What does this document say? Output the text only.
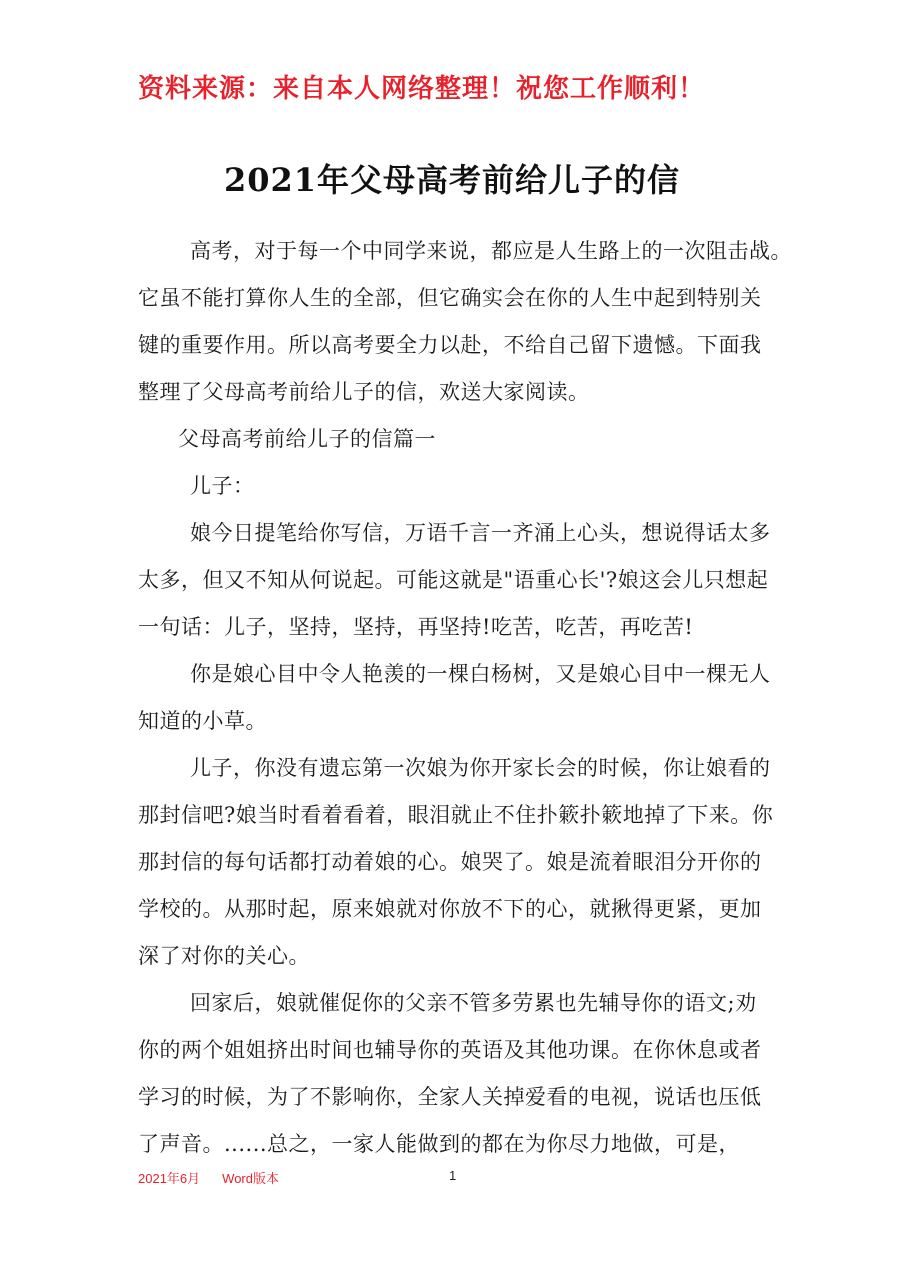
资料来源：来自本人网络整理！祝您工作顺利！
2021年父母高考前给儿子的信
高考，对于每一个中同学来说，都应是人生路上的一次阻击战。
它虽不能打算你人生的全部，但它确实会在你的人生中起到特别关
键的重要作用。所以高考要全力以赴，不给自己留下遗憾。下面我
整理了父母高考前给儿子的信，欢送大家阅读。
父母高考前给儿子的信篇一
儿子：
娘今日提笔给你写信，万语千言一齐涌上心头，想说得话太多
太多，但又不知从何说起。可能这就是"语重心长'?娘这会儿只想起
一句话：儿子，坚持，坚持，再坚持!吃苦，吃苦，再吃苦!
你是娘心目中令人艳羡的一棵白杨树，又是娘心目中一棵无人
知道的小草。
儿子，你没有遗忘第一次娘为你开家长会的时候，你让娘看的
那封信吧?娘当时看着看着，眼泪就止不住扑簌扑簌地掉了下来。你
那封信的每句话都打动着娘的心。娘哭了。娘是流着眼泪分开你的
学校的。从那时起，原来娘就对你放不下的心，就揪得更紧，更加
深了对你的关心。
回家后，娘就催促你的父亲不管多劳累也先辅导你的语文;劝
你的两个姐姐挤出时间也辅导你的英语及其他功课。在你休息或者
学习的时候，为了不影响你，全家人关掉爱看的电视，说话也压低
了声音。......总之，一家人能做到的都在为你尽力地做，可是，
2021年6月 Word版本	1
